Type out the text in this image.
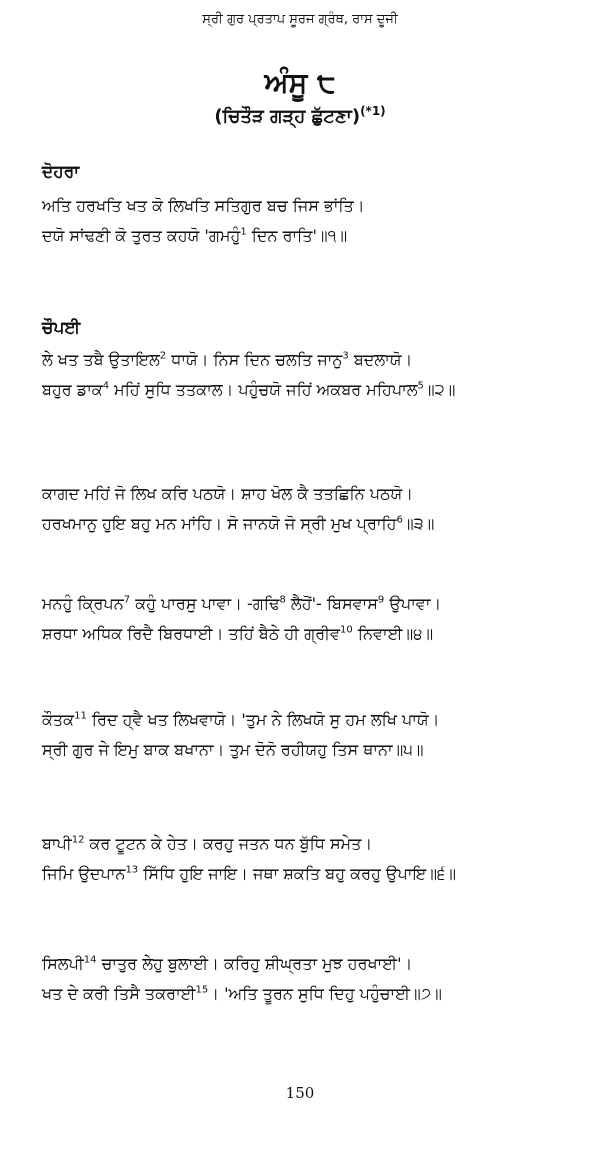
ਸ੍ਰੀ ਗੁਰ ਪ੍ਰਤਾਪ ਸੂਰਜ ਗ੍ਰੰਥ, ਰਾਸ ਦੂਜੀ
ਅੰਸੂ ੮
(ਚਿਤੌੜ ਗੜ੍ਹ ਛੁੱਟਣਾ)$^{(*1)}$
ਦੋਹਰਾ
ਅਤਿ ਹਰਖਤਿ ਖਤ ਕੋ ਲਿਖਤਿ ਸਤਿਗੁਰ ਬਚ ਜਿਸ ਭਾਂਤਿ।
ਦਯੋ ਸਾਂਢਣੀ ਕੋ ਤੁਰਤ ਕਹਯੋ 'ਗਮਹੁੰ$^1$ ਦਿਨ ਰਾਤਿ'॥੧॥
ਚੌਪਈ
ਲੇ ਖਤ ਤਬੈ ਉਤਾਇਲ$^2$ ਧਾਯੋ। ਨਿਸ ਦਿਨ ਚਲਤਿ ਜਾਨੁ$^3$ ਬਦਲਾਯੋ।
ਬਹੁਰ ਡਾਕ$^4$ ਮਹਿਂ ਸੁਧਿ ਤਤਕਾਲ। ਪਹੁੰਚਯੋ ਜਹਿਂ ਅਕਬਰ ਮਹਿਪਾਲ$^5$॥੨॥
ਕਾਗਦ ਮਹਿਂ ਜੋ ਲਿਖ ਕਰਿ ਪਠਯੋ। ਸ਼ਾਹ ਖੋਲ ਕੈ ਤਤਛਿਨਿ ਪਠਯੋ।
ਹਰਖਮਾਨੁ ਹੁਇ ਬਹੁ ਮਨ ਮਾਂਹਿ। ਸੋ ਜਾਨਯੋ ਜੋ ਸ੍ਰੀ ਮੁਖ ਪ੍ਰਾਹਿ$^6$॥੩॥
ਮਨਹੁੰ ਕ੍ਰਿਪਨ$^7$ ਕਹੁੰ ਪਾਰਸੁ ਪਾਵਾ। -ਗਢਿ$^8$ ਲੈਹੋਂ'- ਬਿਸਵਾਸ$^9$ ਉਪਾਵਾ।
ਸ਼ਰਧਾ ਅਧਿਕ ਰਿਦੈ ਬਿਰਧਾਈ। ਤਹਿਂ ਬੈਠੇ ਹੀ ਗ੍ਰੀਵ$^{10}$ ਨਿਵਾਈ॥੪॥
ਕੌਤਕ$^{11}$ ਰਿਦ ਹ੍ਵੈ ਖਤ ਲਿਖਵਾਯੋ। 'ਤੁਮ ਨੇ ਲਿਖਯੋ ਸੁ ਹਮ ਲਖਿ ਪਾਯੋ।
ਸ੍ਰੀ ਗੁਰ ਜੇ ਇਮੁ ਬਾਕ ਬਖਾਨਾ। ਤੁਮ ਦੋਨੋ ਰਹੀਯਹੁ ਤਿਸ ਥਾਨਾ॥੫॥
ਬਾਪੀ$^{12}$ ਕਰ ਟੂਟਨ ਕੇ ਹੇਤ। ਕਰਹੁ ਜਤਨ ਧਨ ਬੁੱਧਿ ਸਮੇਤ।
ਜਿਮਿ ਉਦਪਾਨ$^{13}$ ਸਿੱਧਿ ਹੁਇ ਜਾਇ। ਜਥਾ ਸ਼ਕਤਿ ਬਹੁ ਕਰਹੁ ਉਪਾਇ॥੬॥
ਸਿਲਪੀ$^{14}$ ਚਾਤੁਰ ਲੇਹੁ ਬੁਲਾਈ। ਕਰਿਹੁ ਸ਼ੀਘ੍ਰਤਾ ਮੁਝ ਹਰਖਾਈ'।
ਖਤ ਦੇ ਕਰੀ ਤਿਸੈ ਤਕਰਾਈ$^{15}$। 'ਅਤਿ ਤੂਰਨ ਸੁਧਿ ਦਿਹੁ ਪਹੁੰਚਾਈ॥੭॥
150
